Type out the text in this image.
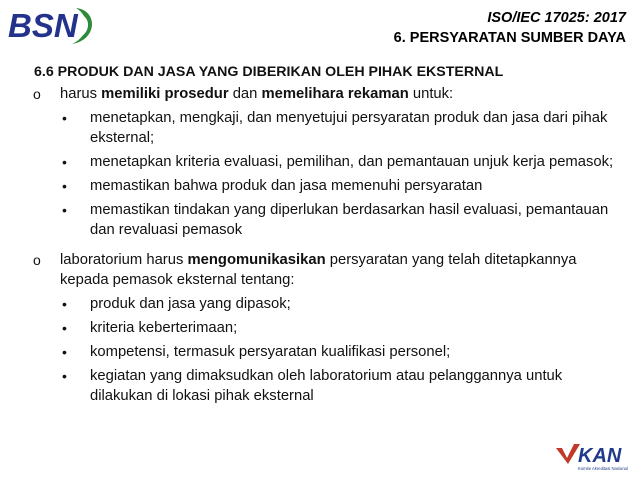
BSN	ISO/IEC 17025: 2017
6. PERSYARATAN SUMBER DAYA
6.6 PRODUK DAN JASA YANG DIBERIKAN OLEH PIHAK EKSTERNAL
o harus memiliki prosedur dan memelihara rekaman untuk:
• menetapkan, mengkaji, dan menyetujui persyaratan produk dan jasa dari pihak eksternal;
• menetapkan kriteria evaluasi, pemilihan, dan pemantauan unjuk kerja pemasok;
• memastikan bahwa produk dan jasa memenuhi persyaratan
• memastikan tindakan yang diperlukan berdasarkan hasil evaluasi, pemantauan dan revaluasi pemasok
o laboratorium harus mengomunikasikan persyaratan yang telah ditetapkannya kepada pemasok eksternal tentang:
• produk dan jasa yang dipasok;
• kriteria keberterimaan;
• kompetensi, termasuk persyaratan kualifikasi personel;
• kegiatan yang dimaksudkan oleh laboratorium atau pelanggannya untuk dilakukan di lokasi pihak eksternal
KAN
Komite Akreditasi Nasional
